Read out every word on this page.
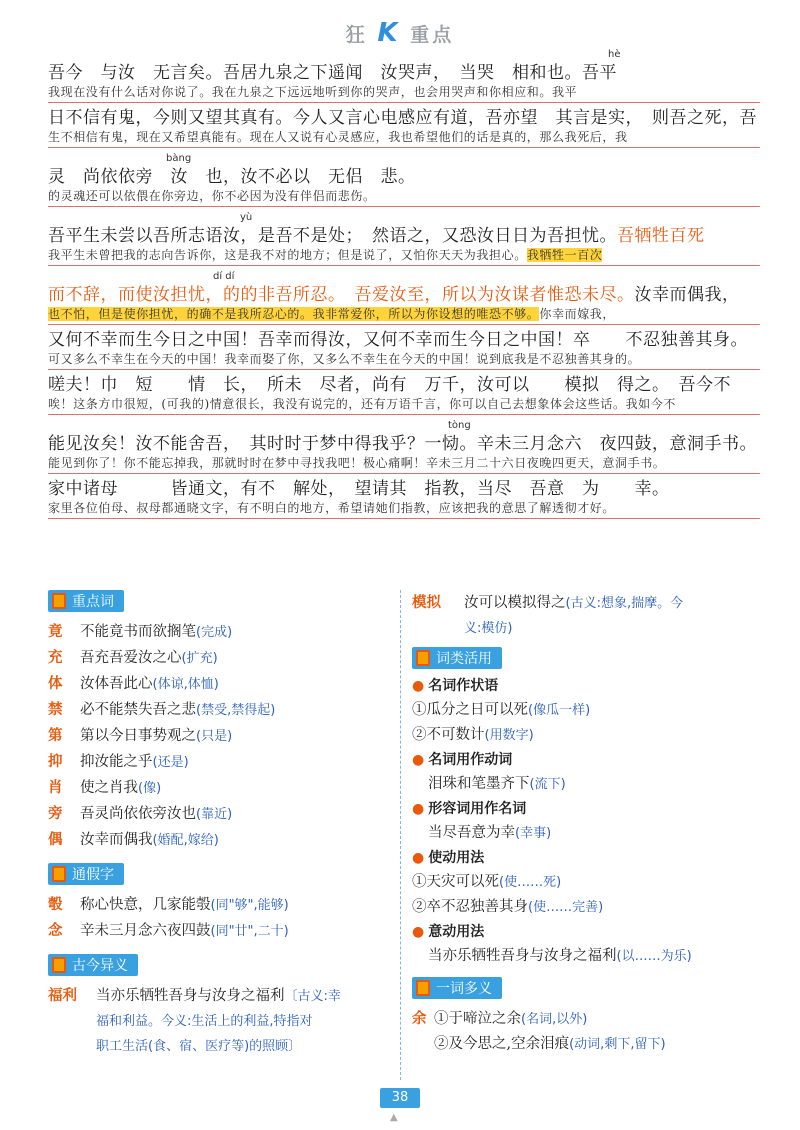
狂 K 重点
hè
吾今　与汝　无言矣。吾居九泉之下遥闻　汝哭声，　当哭　相和也。吾平
我现在没有什么话对你说了。我在九泉之下远远地听到你的哭声，也会用哭声和你相应和。我平
日不信有鬼，今则又望其真有。今人又言心电感应有道，吾亦望　其言是实，　则吾之死，吾
生不相信有鬼，现在又希望真能有。现在人又说有心灵感应，我也希望他们的话是真的，那么我死后，我
bàng
灵　尚依依旁　汝　也，汝不必以　无侣　悲。
的灵魂还可以依偎在你旁边，你不必因为没有伴侣而悲伤。
yù
吾平生未尝以吾所志语汝，是吾不是处；　然语之，又恐汝日日为吾担忧。吾牺牲百死
我平生未曾把我的志向告诉你，这是我不对的地方；但是说了，又怕你天天为我担心。我牺牲一百次
dí dí
而不辞，而使汝担忧，的的非吾所忍。　吾爱汝至，所以为汝谋者惟恐未尽。汝幸而偶我，
也不怕，但是使你担忧，的确不是我所忍心的。我非常爱你，所以为你设想的唯恐不够。你幸而嫁我，
又何不幸而生今日之中国！吾幸而得汝，又何不幸而生今日之中国！卒　　不忍独善其身。
可又多么不幸生在今天的中国！我幸而娶了你，又多么不幸生在今天的中国！说到底我是不忍独善其身的。
嗟夫！巾　短　　情　长，　所未　尽者，尚有　万千，汝可以　　模拟　得之。　吾今不
唉！这条方巾很短，(可我的)情意很长，我没有说完的，还有万语千言，你可以自己去想象体会这些话。我如今不
tòng
能见汝矣！汝不能舍吾，　其时时于梦中得我乎？一恸。辛未三月念六　夜四鼓，意洞手书。
能见到你了！你不能忘掉我，那就时时在梦中寻找我吧！极心痛啊！辛未三月二十六日夜晚四更天，意洞手书。
家中诸母　　　皆通文，有不　解处，　望请其　指教，当尽　吾意　为　　幸。
家里各位伯母、叔母都通晓文字，有不明白的地方，希望请她们指教，应该把我的意思了解透彻才好。
重点词
竟 不能竟书而欲搁笔(完成)
充 吾充吾爱汝之心(扩充)
体 汝体吾此心(体谅,体恤)
禁 必不能禁失吾之悲(禁受,禁得起)
第 第以今日事势观之(只是)
抑 抑汝能之乎(还是)
肖 使之肖我(像)
旁 吾灵尚依依旁汝也(靠近)
偶 汝幸而偶我(婚配,嫁给)
通假字
彀 称心快意，几家能彀(同"够",能够)
念 辛未三月念六夜四鼓(同"廿",二十)
古今异义
福利 当亦乐牺牲吾身与汝身之福利〔古义:幸
福和利益。今义:生活上的利益,特指对
职工生活(食、宿、医疗等)的照顾〕
模拟 汝可以模拟得之(古义:想象,揣摩。今
义:模仿)
词类活用
● 名词作状语
①瓜分之日可以死(像瓜一样)
②不可数计(用数字)
● 名词用作动词
泪珠和笔墨齐下(流下)
● 形容词用作名词
当尽吾意为幸(幸事)
● 使动用法
①天灾可以死(使……死)
②卒不忍独善其身(使……完善)
● 意动用法
当亦乐牺牲吾身与汝身之福利(以……为乐)
一词多义
余 ①于啼泣之余(名词,以外)
②及今思之,空余泪痕(动词,剩下,留下)
38
▲
